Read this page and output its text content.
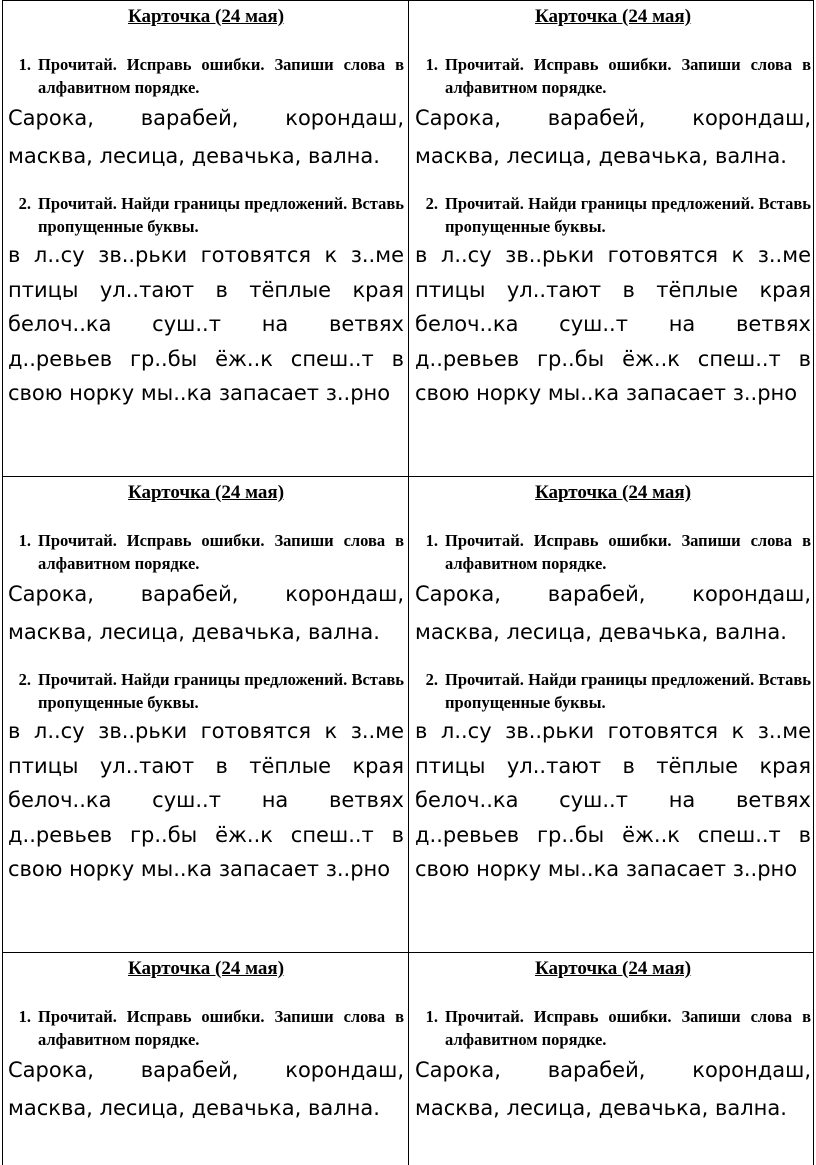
Карточка (24 мая)

1. Прочитай. Исправь ошибки. Запиши слова в алфавитном порядке.

Сарока, варабей, корондаш, масква, лесица, девачька, вална.

2. Прочитай. Найди границы предложений. Вставь пропущенные буквы.

в л..су зв..рьки готовятся к з..ме птицы ул..тают в тёплые края белоч..ка суш..т на ветвях д..ревьев гр..бы ёж..к спеш..т в свою норку мы..ка запасает з..рно

Карточка (24 мая)

1. Прочитай. Исправь ошибки. Запиши слова в алфавитном порядке.

Сарока, варабей, корондаш, масква, лесица, девачька, вална.

2. Прочитай. Найди границы предложений. Вставь пропущенные буквы.

в л..су зв..рьки готовятся к з..ме птицы ул..тают в тёплые края белоч..ка суш..т на ветвях д..ревьев гр..бы ёж..к спеш..т в свою норку мы..ка запасает з..рно

Карточка (24 мая)

1. Прочитай. Исправь ошибки. Запиши слова в алфавитном порядке.

Сарока, варабей, корондаш, масква, лесица, девачька, вална.

2. Прочитай. Найди границы предложений. Вставь пропущенные буквы.

в л..су зв..рьки готовятся к з..ме птицы ул..тают в тёплые края белоч..ка суш..т на ветвях д..ревьев гр..бы ёж..к спеш..т в свою норку мы..ка запасает з..рно

Карточка (24 мая)

1. Прочитай. Исправь ошибки. Запиши слова в алфавитном порядке.

Сарока, варабей, корондаш, масква, лесица, девачька, вална.

2. Прочитай. Найди границы предложений. Вставь пропущенные буквы.

в л..су зв..рьки готовятся к з..ме птицы ул..тают в тёплые края белоч..ка суш..т на ветвях д..ревьев гр..бы ёж..к спеш..т в свою норку мы..ка запасает з..рно

Карточка (24 мая)

1. Прочитай. Исправь ошибки. Запиши слова в алфавитном порядке.

Сарока, варабей, корондаш, масква, лесица, девачька, вална.

Карточка (24 мая)

1. Прочитай. Исправь ошибки. Запиши слова в алфавитном порядке.

Сарока, варабей, корондаш, масква, лесица, девачька, вална.
